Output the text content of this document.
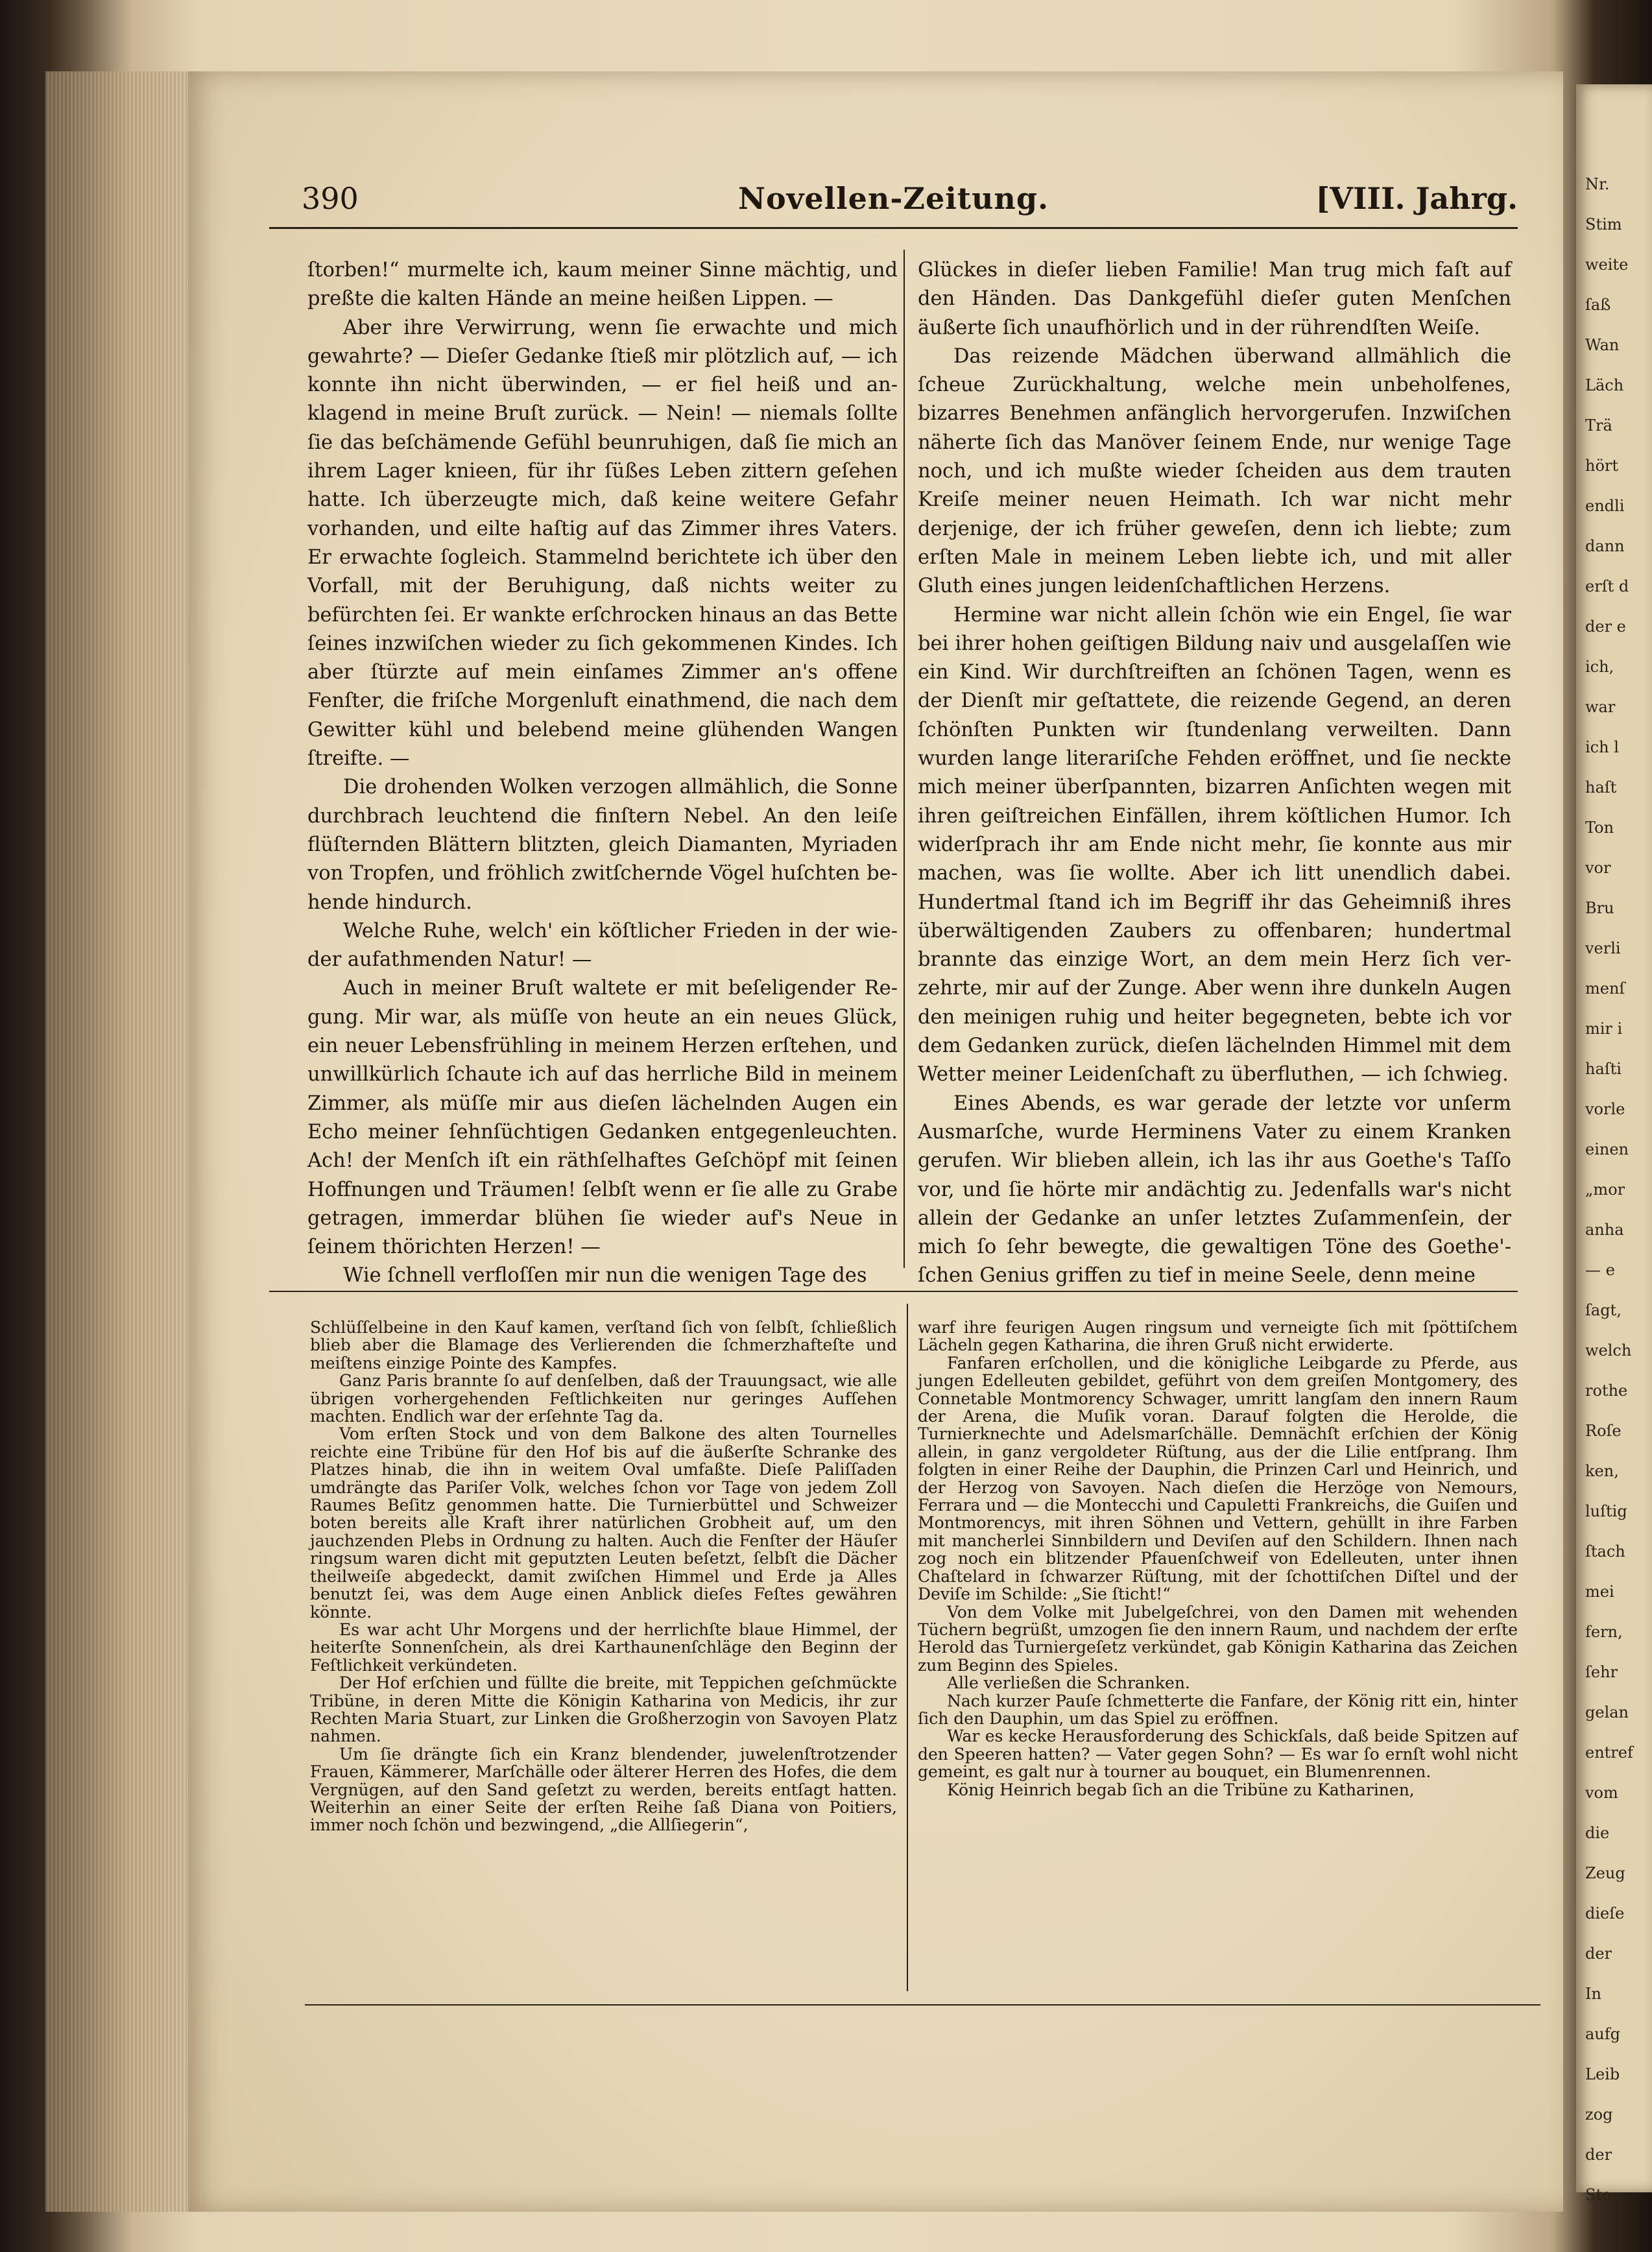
Nr.
Stim
weite
ſaß
Wan
Läch
Trä
hört
endli
dann
erſt d
der e
ich,
war
ich l
haſt
Ton
vor
Bru
verli
menſ
mir i
haſti
vorle
einen
„mor
anha
— e
ſagt,
welch
rothe
Roſe
ken,
luſtig
ſtach
mei
fern,
ſehr
gelan
entref
vom
die
Zeug
dieſe
der
In
aufg
Leib
zog
der
Sto
390	Novellen-Zeitung.	[VIII. Jahrg.

ſtorben!“ murmelte ich, kaum meiner Sinne mächtig, und preßte die kalten Hände an meine heißen Lippen. —

Aber ihre Verwirrung, wenn ſie erwachte und mich gewahrte? — Dieſer Gedanke ſtieß mir plötzlich auf, — ich konnte ihn nicht überwinden, — er fiel heiß und anklagend in meine Bruſt zurück. — Nein! — niemals ſollte ſie das beſchämende Gefühl beunruhigen, daß ſie mich an ihrem Lager knieen, für ihr ſüßes Leben zittern geſehen hatte. Ich überzeugte mich, daß keine weitere Gefahr vorhanden, und eilte haſtig auf das Zimmer ihres Vaters. Er erwachte ſogleich. Stammelnd berichtete ich über den Vorfall, mit der Beruhigung, daß nichts weiter zu befürchten ſei. Er wankte erſchrocken hinaus an das Bette ſeines inzwiſchen wieder zu ſich gekommenen Kindes. Ich aber ſtürzte auf mein einſames Zimmer an's offene Fenſter, die friſche Morgenluft einathmend, die nach dem Gewitter kühl und belebend meine glühenden Wangen ſtreifte. —

Die drohenden Wolken verzogen allmählich, die Sonne durchbrach leuchtend die finſtern Nebel. An den leiſe flüſternden Blättern blitzten, gleich Diamanten, Myriaden von Tropfen, und fröhlich zwitſchernde Vögel huſchten behende hindurch.

Welche Ruhe, welch' ein köſtlicher Frieden in der wieder aufathmenden Natur! —

Auch in meiner Bruſt waltete er mit beſeligender Regung. Mir war, als müſſe von heute an ein neues Glück, ein neuer Lebensfrühling in meinem Herzen erſtehen, und unwillkürlich ſchaute ich auf das herrliche Bild in meinem Zimmer, als müſſe mir aus dieſen lächelnden Augen ein Echo meiner ſehnſüchtigen Gedanken entgegenleuchten. Ach! der Menſch iſt ein räthſelhaftes Geſchöpf mit ſeinen Hoffnungen und Träumen! ſelbſt wenn er ſie alle zu Grabe getragen, immerdar blühen ſie wieder auf's Neue in ſeinem thörichten Herzen! —

Wie ſchnell verfloſſen mir nun die wenigen Tage des

Glückes in dieſer lieben Familie! Man trug mich faſt auf den Händen. Das Dankgefühl dieſer guten Menſchen äußerte ſich unaufhörlich und in der rührendſten Weiſe.

Das reizende Mädchen überwand allmählich die ſcheue Zurückhaltung, welche mein unbeholfenes, bizarres Benehmen anfänglich hervorgerufen. Inzwiſchen näherte ſich das Manöver ſeinem Ende, nur wenige Tage noch, und ich mußte wieder ſcheiden aus dem trauten Kreiſe meiner neuen Heimath. Ich war nicht mehr derjenige, der ich früher geweſen, denn ich liebte; zum erſten Male in meinem Leben liebte ich, und mit aller Gluth eines jungen leidenſchaftlichen Herzens.

Hermine war nicht allein ſchön wie ein Engel, ſie war bei ihrer hohen geiſtigen Bildung naiv und ausgelaſſen wie ein Kind. Wir durchſtreiften an ſchönen Tagen, wenn es der Dienſt mir geſtattete, die reizende Gegend, an deren ſchönſten Punkten wir ſtundenlang verweilten. Dann wurden lange literariſche Fehden eröffnet, und ſie neckte mich meiner überſpannten, bizarren Anſichten wegen mit ihren geiſtreichen Einfällen, ihrem köſtlichen Humor. Ich widerſprach ihr am Ende nicht mehr, ſie konnte aus mir machen, was ſie wollte. Aber ich litt unendlich dabei. Hundertmal ſtand ich im Begriff ihr das Geheimniß ihres überwältigenden Zaubers zu offenbaren; hundertmal brannte das einzige Wort, an dem mein Herz ſich verzehrte, mir auf der Zunge. Aber wenn ihre dunkeln Augen den meinigen ruhig und heiter begegneten, bebte ich vor dem Gedanken zurück, dieſen lächelnden Himmel mit dem Wetter meiner Leidenſchaft zu überfluthen, — ich ſchwieg.

Eines Abends, es war gerade der letzte vor unſerm Ausmarſche, wurde Herminens Vater zu einem Kranken gerufen. Wir blieben allein, ich las ihr aus Goethe's Taſſo vor, und ſie hörte mir andächtig zu. Jedenfalls war's nicht allein der Gedanke an unſer letztes Zuſammenſein, der mich ſo ſehr bewegte, die gewaltigen Töne des Goethe'ſchen Genius griffen zu tief in meine Seele, denn meine

Schlüſſelbeine in den Kauf kamen, verſtand ſich von ſelbſt, ſchließlich blieb aber die Blamage des Verlierenden die ſchmerzhafteſte und meiſtens einzige Pointe des Kampfes.

Ganz Paris brannte ſo auf denſelben, daß der Trauungsact, wie alle übrigen vorhergehenden Feſtlichkeiten nur geringes Aufſehen machten. Endlich war der erſehnte Tag da.

Vom erſten Stock und von dem Balkone des alten Tournelles reichte eine Tribüne für den Hof bis auf die äußerſte Schranke des Platzes hinab, die ihn in weitem Oval umfaßte. Dieſe Paliſſaden umdrängte das Pariſer Volk, welches ſchon vor Tage von jedem Zoll Raumes Beſitz genommen hatte. Die Turnierbüttel und Schweizer boten bereits alle Kraft ihrer natürlichen Grobheit auf, um den jauchzenden Plebs in Ordnung zu halten. Auch die Fenſter der Häuſer ringsum waren dicht mit geputzten Leuten beſetzt, ſelbſt die Dächer theilweiſe abgedeckt, damit zwiſchen Himmel und Erde ja Alles benutzt ſei, was dem Auge einen Anblick dieſes Feſtes gewähren könnte.

Es war acht Uhr Morgens und der herrlichſte blaue Himmel, der heiterſte Sonnenſchein, als drei Karthaunenſchläge den Beginn der Feſtlichkeit verkündeten.

Der Hof erſchien und füllte die breite, mit Teppichen geſchmückte Tribüne, in deren Mitte die Königin Katharina von Medicis, ihr zur Rechten Maria Stuart, zur Linken die Großherzogin von Savoyen Platz nahmen.

Um ſie drängte ſich ein Kranz blendender, juwelenſtrotzender Frauen, Kämmerer, Marſchälle oder älterer Herren des Hofes, die dem Vergnügen, auf den Sand geſetzt zu werden, bereits entſagt hatten. Weiterhin an einer Seite der erſten Reihe ſaß Diana von Poitiers, immer noch ſchön und bezwingend, „die Allſiegerin“,

warf ihre feurigen Augen ringsum und verneigte ſich mit ſpöttiſchem Lächeln gegen Katharina, die ihren Gruß nicht erwiderte.

Fanfaren erſchollen, und die königliche Leibgarde zu Pferde, aus jungen Edelleuten gebildet, geführt von dem greiſen Montgomery, des Connetable Montmorency Schwager, umritt langſam den innern Raum der Arena, die Muſik voran. Darauf folgten die Herolde, die Turnierknechte und Adelsmarſchälle. Demnächſt erſchien der König allein, in ganz vergoldeter Rüſtung, aus der die Lilie entſprang. Ihm folgten in einer Reihe der Dauphin, die Prinzen Carl und Heinrich, und der Herzog von Savoyen. Nach dieſen die Herzöge von Nemours, Ferrara und — die Montecchi und Capuletti Frankreichs, die Guiſen und Montmorencys, mit ihren Söhnen und Vettern, gehüllt in ihre Farben mit mancherlei Sinnbildern und Deviſen auf den Schildern. Ihnen nach zog noch ein blitzender Pfauenſchweif von Edelleuten, unter ihnen Chaſtelard in ſchwarzer Rüſtung, mit der ſchottiſchen Diſtel und der Deviſe im Schilde: „Sie ſticht!“

Von dem Volke mit Jubelgeſchrei, von den Damen mit wehenden Tüchern begrüßt, umzogen ſie den innern Raum, und nachdem der erſte Herold das Turniergeſetz verkündet, gab Königin Katharina das Zeichen zum Beginn des Spieles.

Alle verließen die Schranken.

Nach kurzer Pauſe ſchmetterte die Fanfare, der König ritt ein, hinter ſich den Dauphin, um das Spiel zu eröffnen.

War es kecke Herausforderung des Schickſals, daß beide Spitzen auf den Speeren hatten? — Vater gegen Sohn? — Es war ſo ernſt wohl nicht gemeint, es galt nur à tourner au bouquet, ein Blumenrennen.

König Heinrich begab ſich an die Tribüne zu Katharinen,
